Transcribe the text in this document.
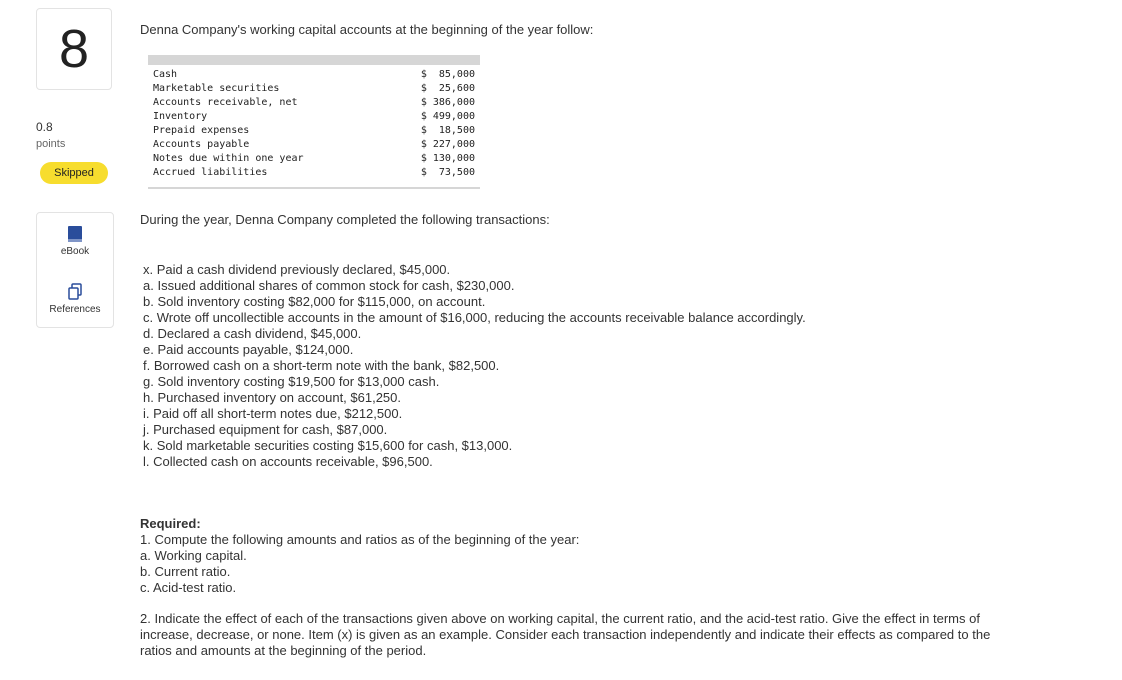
8
0.8
points
Skipped
eBook
References
Denna Company's working capital accounts at the beginning of the year follow:
Cash	$  85,000
Marketable securities	$  25,600
Accounts receivable, net	$ 386,000
Inventory	$ 499,000
Prepaid expenses	$  18,500
Accounts payable	$ 227,000
Notes due within one year	$ 130,000
Accrued liabilities	$  73,500
During the year, Denna Company completed the following transactions:
x. Paid a cash dividend previously declared, $45,000.
a. Issued additional shares of common stock for cash, $230,000.
b. Sold inventory costing $82,000 for $115,000, on account.
c. Wrote off uncollectible accounts in the amount of $16,000, reducing the accounts receivable balance accordingly.
d. Declared a cash dividend, $45,000.
e. Paid accounts payable, $124,000.
f. Borrowed cash on a short-term note with the bank, $82,500.
g. Sold inventory costing $19,500 for $13,000 cash.
h. Purchased inventory on account, $61,250.
i. Paid off all short-term notes due, $212,500.
j. Purchased equipment for cash, $87,000.
k. Sold marketable securities costing $15,600 for cash, $13,000.
l. Collected cash on accounts receivable, $96,500.
Required:
1. Compute the following amounts and ratios as of the beginning of the year:
a. Working capital.
b. Current ratio.
c. Acid-test ratio.
2. Indicate the effect of each of the transactions given above on working capital, the current ratio, and the acid-test ratio. Give the effect in terms of increase, decrease, or none. Item (x) is given as an example. Consider each transaction independently and indicate their effects as compared to the ratios and amounts at the beginning of the period.
